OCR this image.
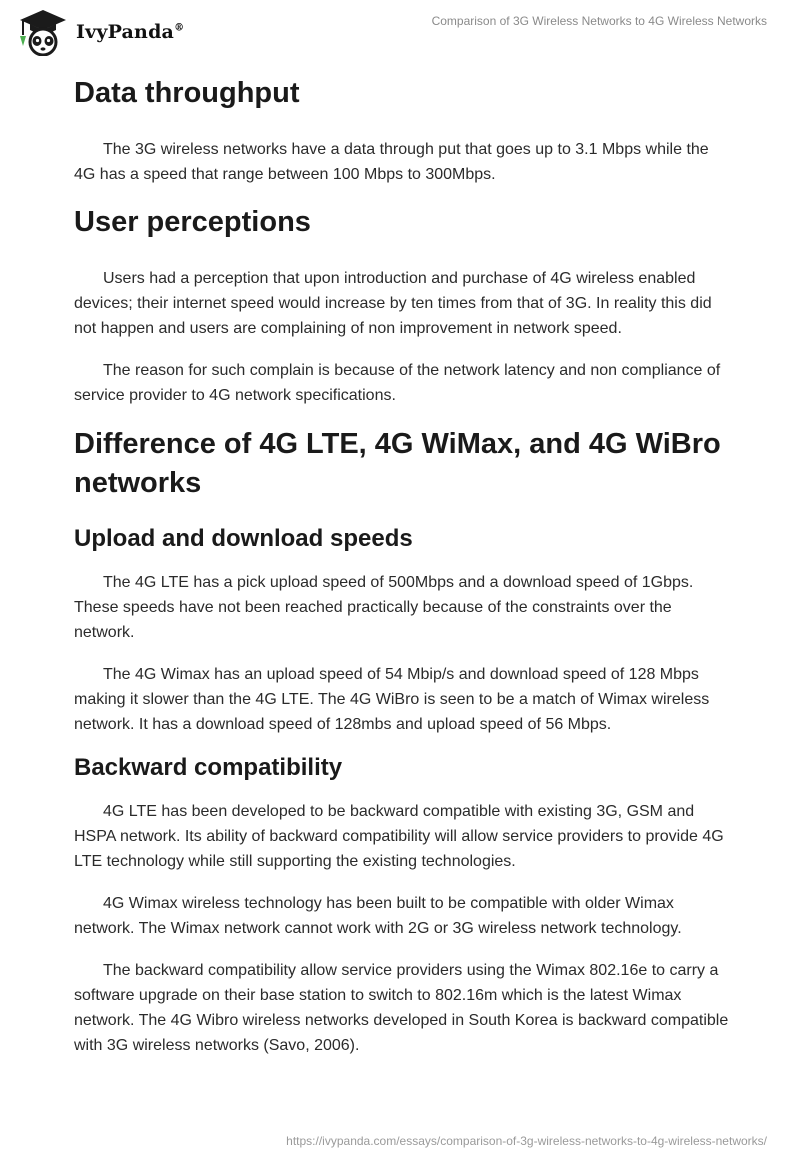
IvyPanda®
Comparison of 3G Wireless Networks to 4G Wireless Networks
Data throughput

The 3G wireless networks have a data through put that goes up to 3.1 Mbps while the 4G has a speed that range between 100 Mbps to 300Mbps.

User perceptions

Users had a perception that upon introduction and purchase of 4G wireless enabled devices; their internet speed would increase by ten times from that of 3G. In reality this did not happen and users are complaining of non improvement in network speed.

The reason for such complain is because of the network latency and non compliance of service provider to 4G network specifications.

Difference of 4G LTE, 4G WiMax, and 4G WiBro networks
Upload and download speeds

The 4G LTE has a pick upload speed of 500Mbps and a download speed of 1Gbps. These speeds have not been reached practically because of the constraints over the network.

The 4G Wimax has an upload speed of 54 Mbip/s and download speed of 128 Mbps making it slower than the 4G LTE. The 4G WiBro is seen to be a match of Wimax wireless network. It has a download speed of 128mbs and upload speed of 56 Mbps.

Backward compatibility

4G LTE has been developed to be backward compatible with existing 3G, GSM and HSPA network. Its ability of backward compatibility will allow service providers to provide 4G LTE technology while still supporting the existing technologies.

4G Wimax wireless technology has been built to be compatible with older Wimax network. The Wimax network cannot work with 2G or 3G wireless network technology.

The backward compatibility allow service providers using the Wimax 802.16e to carry a software upgrade on their base station to switch to 802.16m which is the latest Wimax network. The 4G Wibro wireless networks developed in South Korea is backward compatible with 3G wireless networks (Savo, 2006).

https://ivypanda.com/essays/comparison-of-3g-wireless-networks-to-4g-wireless-networks/
